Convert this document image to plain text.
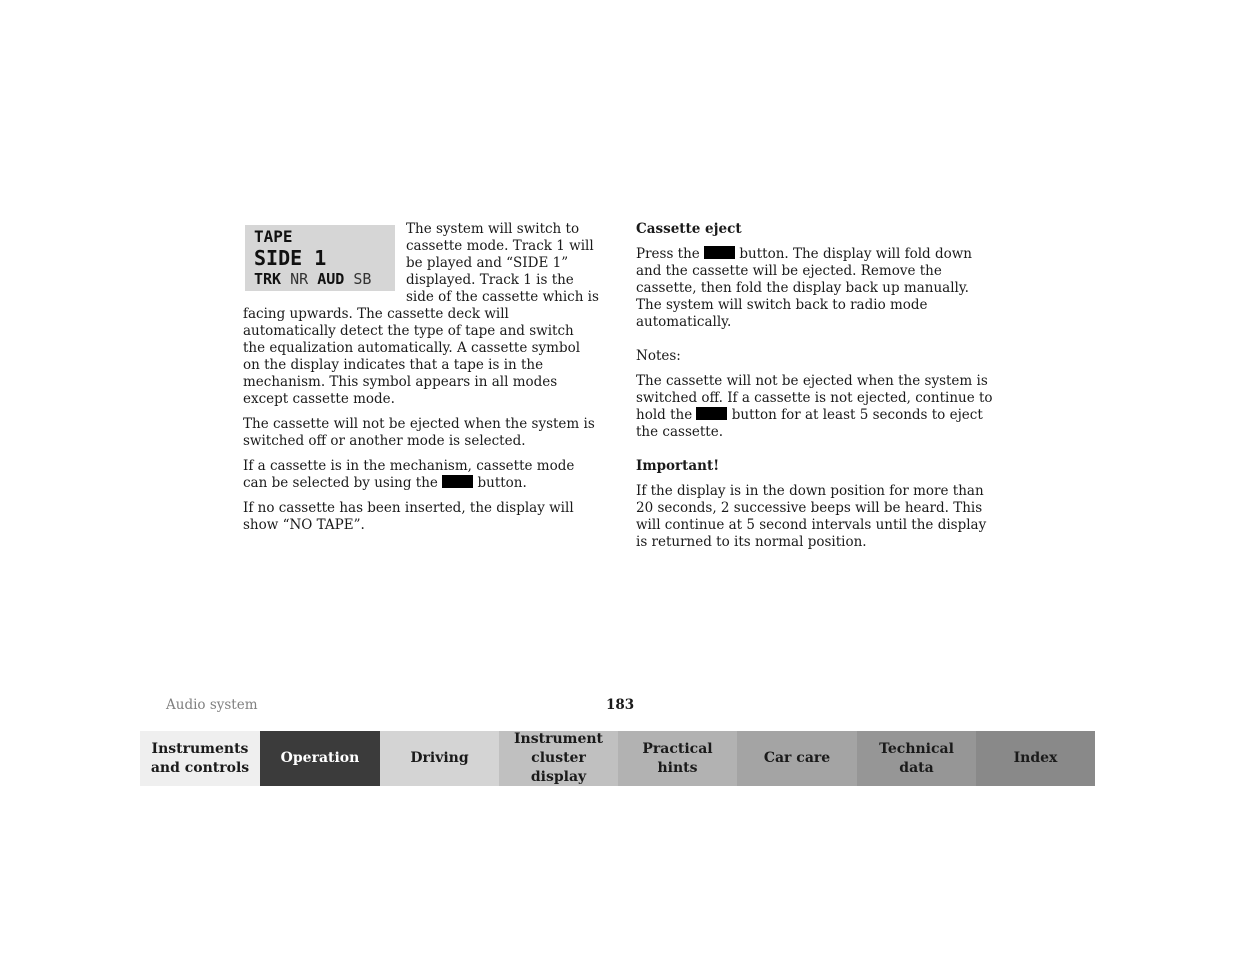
TAPE
SIDE 1
TRK NR AUD SB

The system will switch to cassette mode. Track 1 will be played and “SIDE 1” displayed. Track 1 is the side of the cassette which is facing upwards. The cassette deck will automatically detect the type of tape and switch the equalization automatically. A cassette symbol on the display indicates that a tape is in the mechanism. This symbol appears in all modes except cassette mode.

The cassette will not be ejected when the system is switched off or another mode is selected.

If a cassette is in the mechanism, cassette mode can be selected by using the	button.

If no cassette has been inserted, the display will show “NO TAPE”.

Cassette eject

Press the	button. The display will fold down and the cassette will be ejected. Remove the cassette, then fold the display back up manually. The system will switch back to radio mode automatically.

Notes:

The cassette will not be ejected when the system is switched off. If a cassette is not ejected, continue to hold the	button for at least 5 seconds to eject the cassette.

Important!

If the display is in the down position for more than 20 seconds, 2 successive beeps will be heard. This will continue at 5 second intervals until the display is returned to its normal position.

Audio system	183
Instruments
and controls
Operation	Driving
Instrument
cluster display
Practical hints
Car care
Technical
data
Index
